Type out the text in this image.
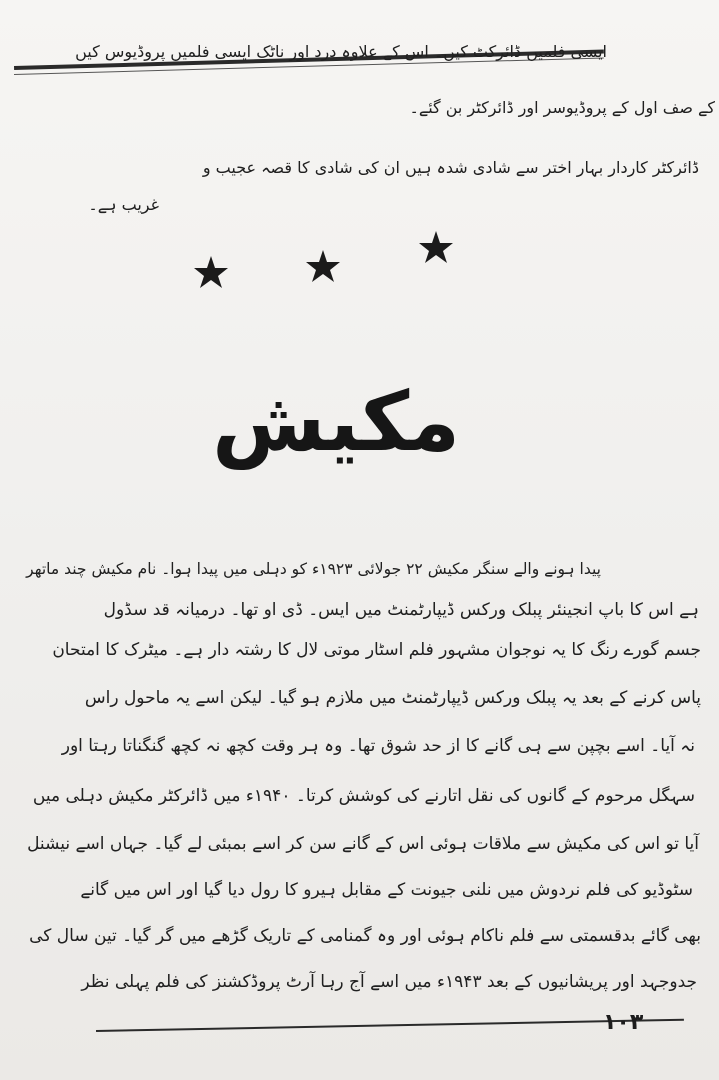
ایسی فلمیں ڈائرکٹ کیں۔ اس کے علاوہ درد اور ناٹک ایسی فلمیں پروڈیوس کیں
کے صف اول کے پروڈیوسر اور ڈائرکٹر بن گئے۔
ڈائرکٹر کاردار بہار اختر سے شادی شدہ ہیں ان کی شادی کا قصہ عجیب و
غریب ہے۔
مکیش
پیدا ہونے والے سنگر مکیش ۲۲ جولائی ۱۹۲۳ء کو دہلی میں پیدا ہوا۔ نام مکیش چند ماتھر
ہے اس کا باپ انجینئر پبلک ورکس ڈیپارٹمنٹ میں ایس۔ ڈی او تھا۔ درمیانہ قد سڈول
جسم گورے رنگ کا یہ نوجوان مشہور فلم اسٹار موتی لال کا رشتہ دار ہے۔ میٹرک کا امتحان
پاس کرنے کے بعد یہ پبلک ورکس ڈیپارٹمنٹ میں ملازم ہو گیا۔ لیکن اسے یہ ماحول راس
نہ آیا۔ اسے بچپن سے ہی گانے کا از حد شوق تھا۔ وہ ہر وقت کچھ نہ کچھ گنگناتا رہتا اور
سہگل مرحوم کے گانوں کی نقل اتارنے کی کوشش کرتا۔ ۱۹۴۰ء میں ڈائرکٹر مکیش دہلی میں
آیا تو اس کی مکیش سے ملاقات ہوئی اس کے گانے سن کر اسے بمبئی لے گیا۔ جہاں اسے نیشنل
سٹوڈیو کی فلم نردوش میں نلنی جیونت کے مقابل ہیرو کا رول دیا گیا اور اس میں گانے
بھی گائے بدقسمتی سے فلم ناکام ہوئی اور وہ گمنامی کے تاریک گڑھے میں گر گیا۔ تین سال کی
جدوجہد اور پریشانیوں کے بعد ۱۹۴۳ء میں اسے آج رہا آرٹ پروڈکشنز کی فلم پہلی نظر
۱۰۳
